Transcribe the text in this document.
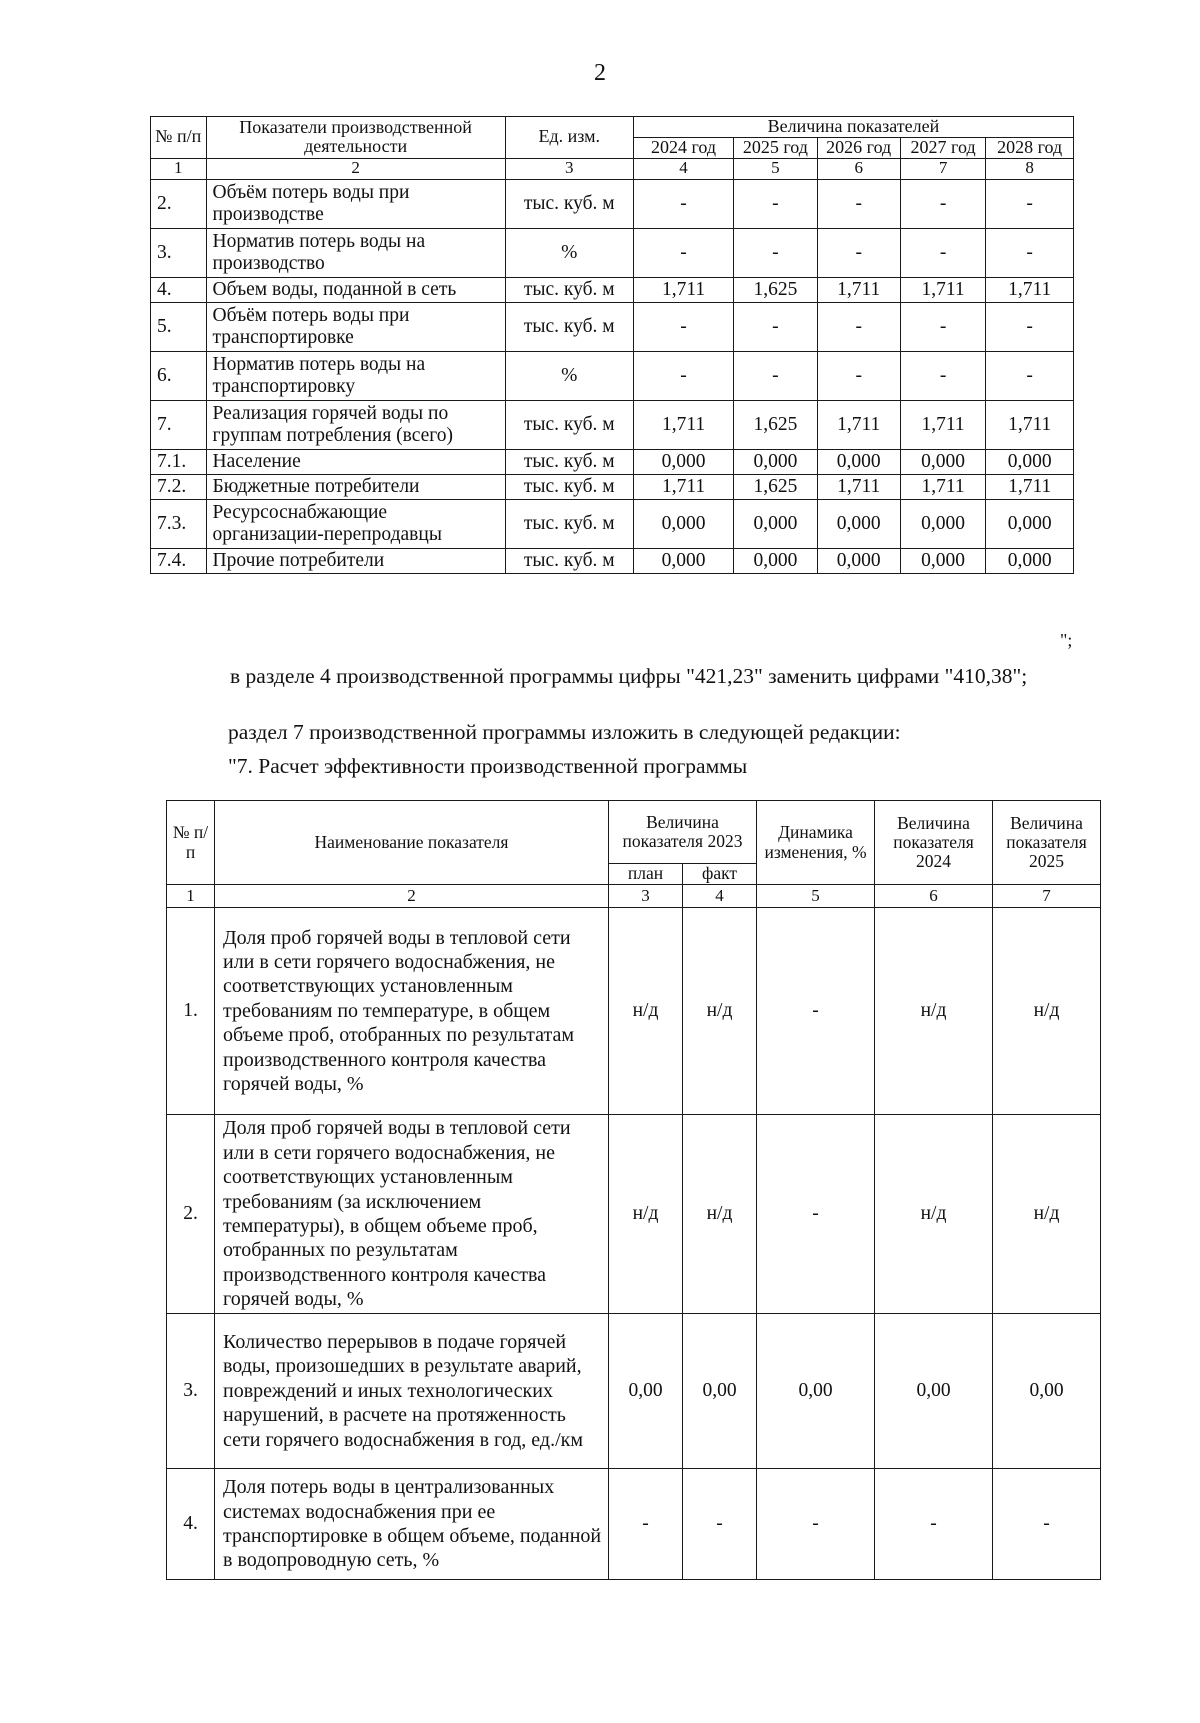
2
№ п/п	Показатели производственной деятельности	Ед. изм.	Величина показателей				
			2024 год	2025 год	2026 год	2027 год	2028 год
1	2	3	4	5	6	7	8
2.	Объём потерь воды при производстве	тыс. куб. м	-	-	-	-	-
3.	Норматив потерь воды на производство	%	-	-	-	-	-
4.	Объем воды, поданной в сеть	тыс. куб. м	1,711	1,625	1,711	1,711	1,711
5.	Объём потерь воды при транспортировке	тыс. куб. м	-	-	-	-	-
6.	Норматив потерь воды на транспортировку	%	-	-	-	-	-
7.	Реализация горячей воды по группам потребления (всего)	тыс. куб. м	1,711	1,625	1,711	1,711	1,711
7.1.	Население	тыс. куб. м	0,000	0,000	0,000	0,000	0,000
7.2.	Бюджетные потребители	тыс. куб. м	1,711	1,625	1,711	1,711	1,711
7.3.	Ресурсоснабжающие организации-перепродавцы	тыс. куб. м	0,000	0,000	0,000	0,000	0,000
7.4.	Прочие потребители	тыс. куб. м	0,000	0,000	0,000	0,000	0,000
";
в разделе 4 производственной программы цифры "421,23" заменить цифрами "410,38";
раздел 7 производственной программы изложить в следующей редакции:
"7. Расчет эффективности производственной программы
№ п/п	Наименование показателя	Величина показателя 2023		Динамика изменения, %	Величина показателя 2024	Величина показателя 2025
		план	факт			
1	2	3	4	5	6	7
1.	Доля проб горячей воды в тепловой сети или в сети горячего водоснабжения, не соответствующих установленным требованиям по температуре, в общем объеме проб, отобранных по результатам производственного контроля качества горячей воды, %	н/д	н/д	-	н/д	н/д
2.	Доля проб горячей воды в тепловой сети или в сети горячего водоснабжения, не соответствующих установленным требованиям (за исключением температуры), в общем объеме проб, отобранных по результатам производственного контроля качества горячей воды, %	н/д	н/д	-	н/д	н/д
3.	Количество перерывов в подаче горячей воды, произошедших в результате аварий, повреждений и иных технологических нарушений, в расчете на протяженность сети горячего водоснабжения в год, ед./км	0,00	0,00	0,00	0,00	0,00
4.	Доля потерь воды в централизованных системах водоснабжения при ее транспортировке в общем объеме, поданной в водопроводную сеть, %	-	-	-	-	-
